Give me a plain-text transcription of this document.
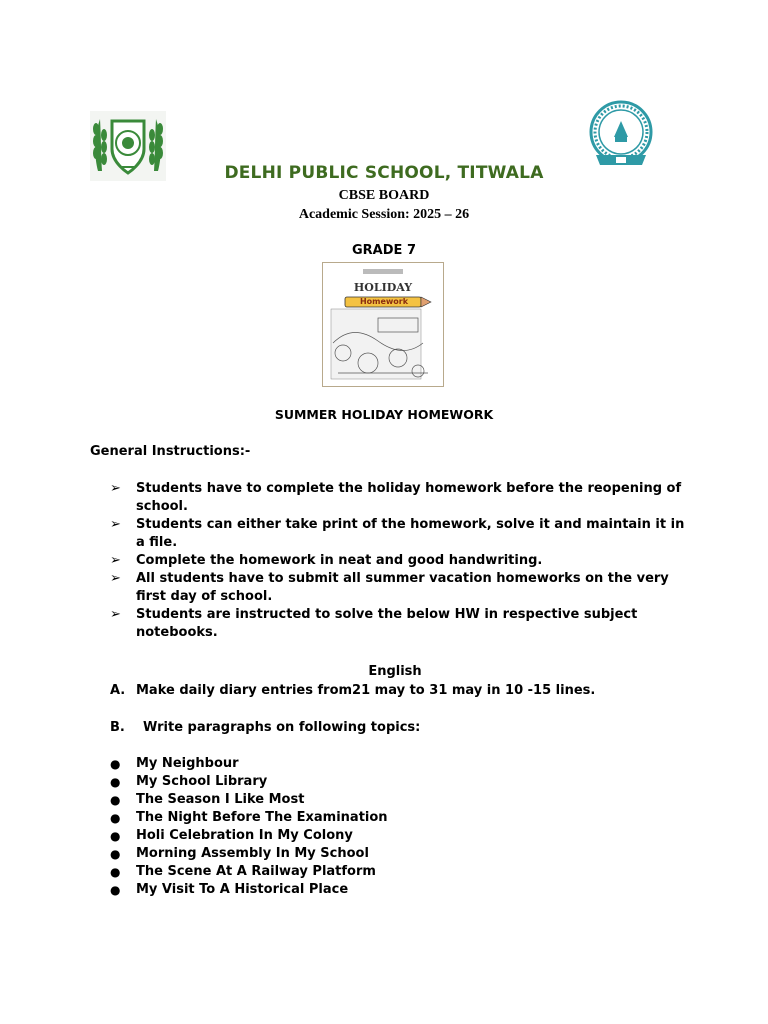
DELHI PUBLIC SCHOOL, TITWALA
CBSE BOARD
Academic Session: 2025 – 26
GRADE 7
HOLIDAY
Homework
SUMMER HOLIDAY HOMEWORK
General Instructions:-
➢	Students have to complete the holiday homework before the reopening of school.
➢	Students can either take print of the homework, solve it and maintain it in a file.
➢	Complete the homework in neat and good handwriting.
➢	All students have to submit all summer vacation homeworks on the very first day of school.
➢	Students are instructed to solve the below HW in respective subject notebooks.
English
A. Make daily diary entries from21 may to 31 may in 10 -15 lines.
B.	Write paragraphs on following topics:
●	My Neighbour
●	My School Library
●	The Season I Like Most
●	The Night Before The Examination
●	Holi Celebration In My Colony
●	Morning Assembly In My School
●	The Scene At A Railway Platform
●	My Visit To A Historical Place
